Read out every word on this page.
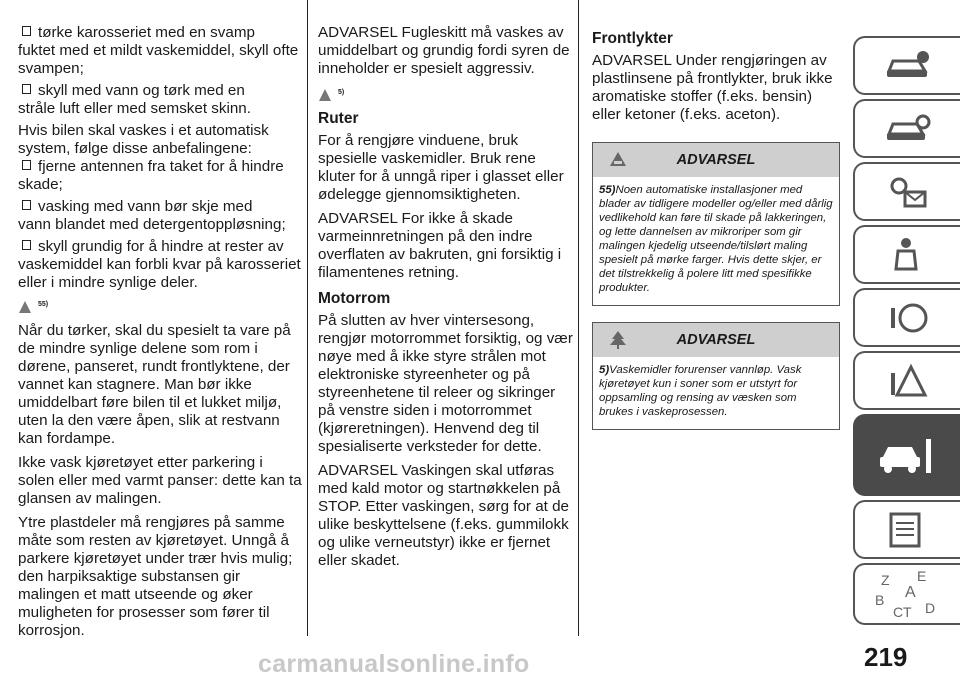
tørke karosseriet med en svamp
fuktet med et mildt vaskemiddel, skyll ofte svampen;
skyll med vann og tørk med en
stråle luft eller med semsket skinn.

Hvis bilen skal vaskes i et automatisk system, følge disse anbefalingene:

fjerne antennen fra taket for å hindre
skade;
vasking med vann bør skje med
vann blandet med detergentoppløsning;
skyll grundig for å hindre at rester av
vaskemiddel kan forbli kvar på karosseriet eller i mindre synlige deler.
55)

Når du tørker, skal du spesielt ta vare på de mindre synlige delene som rom i dørene, panseret, rundt frontlyktene, der vannet kan stagnere. Man bør ikke umiddelbart føre bilen til et lukket miljø, uten la den være åpen, slik at restvann kan fordampe.

Ikke vask kjøretøyet etter parkering i solen eller med varmt panser: dette kan ta glansen av malingen.

Ytre plastdeler må rengjøres på samme måte som resten av kjøretøyet. Unngå å parkere kjøretøyet under trær hvis mulig; den harpiksaktige substansen gir malingen et matt utseende og øker muligheten for prosesser som fører til korrosjon.

ADVARSEL Fugleskitt må vaskes av umiddelbart og grundig fordi syren de inneholder er spesielt aggressiv.

5)
Ruter

For å rengjøre vinduene, bruk spesielle vaskemidler. Bruk rene kluter for å unngå riper i glasset eller ødelegge gjennomsiktigheten.

ADVARSEL For ikke å skade varmeinnretningen på den indre overflaten av bakruten, gni forsiktig i filamentenes retning.

Motorrom

På slutten av hver vintersesong, rengjør motorrommet forsiktig, og vær nøye med å ikke styre strålen mot elektroniske styreenheter og på styreenhetene til releer og sikringer på venstre siden i motorrommet (kjøreretningen). Henvend deg til spesialiserte verksteder for dette.

ADVARSEL Vaskingen skal utføras med kald motor og startnøkkelen på STOP. Etter vaskingen, sørg for at de ulike beskyttelsene (f.eks. gummilokk og ulike verneutstyr) ikke er fjernet eller skadet.

Frontlykter

ADVARSEL Under rengjøringen av plastlinsene på frontlykter, bruk ikke aromatiske stoffer (f.eks. bensin) eller ketoner (f.eks. aceton).

ADVARSEL
55)Noen automatiske installasjoner med blader av tidligere modeller og/eller med dårlig vedlikehold kan føre til skade på lakkeringen, og lette dannelsen av mikroriper som gir malingen kjedelig utseende/tilslørt maling spesielt på mørke farger. Hvis dette skjer, er det tilstrekkelig å polere litt med spesifikke produkter.
ADVARSEL
5)Vaskemidler forurenser vannløp. Vask kjøretøyet kun i soner som er utstyrt for oppsamling og rensing av væsken som brukes i vaskeprosessen.
Z E
A
B
C T D
219
carmanualsonline.info
